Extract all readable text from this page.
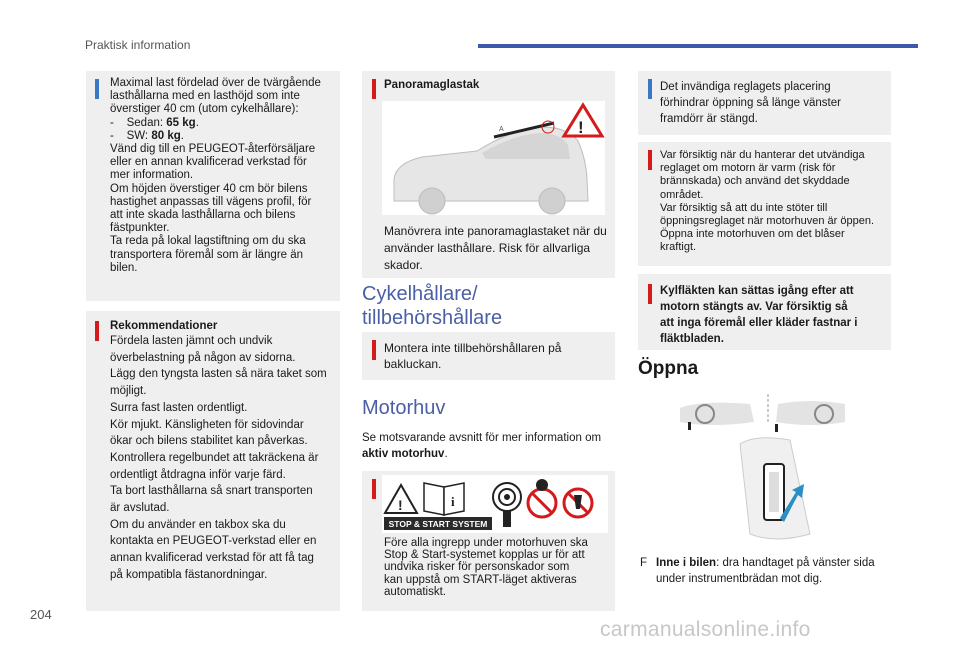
Praktisk information

Maximal last fördelad över de tvärgående

lasthållarna med en lasthöjd som inte

överstiger 40 cm (utom cykelhållare):

-    Sedan: 65 kg.

-    SW: 80 kg.

Vänd dig till en PEUGEOT-återförsäljare

eller en annan kvalificerad verkstad för

mer information.

Om höjden överstiger 40 cm bör bilens

hastighet anpassas till vägens profil, för

att inte skada lasthållarna och bilens

fästpunkter.

Ta reda på lokal lagstiftning om du ska

transportera föremål som är längre än

bilen.

Rekommendationer

Fördela lasten jämnt och undvik

överbelastning på någon av sidorna.

Lägg den tyngsta lasten så nära taket som

möjligt.

Surra fast lasten ordentligt.

Kör mjukt. Känsligheten för sidovindar

ökar och bilens stabilitet kan påverkas.

Kontrollera regelbundet att takräckena är

ordentligt åtdragna inför varje färd.

Ta bort lasthållarna så snart transporten

är avslutad.

Om du använder en takbox ska du

kontakta en PEUGEOT-verkstad eller en

annan kvalificerad verkstad för att få tag

på kompatibla fästanordningar.

Panoramaglastak
A	!

Manövrera inte panoramaglastaket när du

använder lasthållare. Risk för allvarliga

skador.

Cykelhållare/
tillbehörshållare

Montera inte tillbehörshållaren på

bakluckan.

Motorhuv

Se motsvarande avsnitt för mer information om

aktiv motorhuv.

!	i
STOP & START SYSTEM

Före alla ingrepp under motorhuven ska

Stop & Start-systemet kopplas ur för att

undvika risker för personskador som

kan uppstå om START-läget aktiveras

automatiskt.

Det invändiga reglagets placering

förhindrar öppning så länge vänster

framdörr är stängd.

Var försiktig när du hanterar det utvändiga

reglaget om motorn är varm (risk för

brännskada) och använd det skyddade

området.

Var försiktig så att du inte stöter till

öppningsreglaget när motorhuven är öppen.

Öppna inte motorhuven om det blåser

kraftigt.

Kylfläkten kan sättas igång efter att

motorn stängts av. Var försiktig så

att inga föremål eller kläder fastnar i

fläktbladen.

Öppna

F Inne i bilen: dra handtaget på vänster sida

under instrumentbrädan mot dig.

204
carmanualsonline.info
